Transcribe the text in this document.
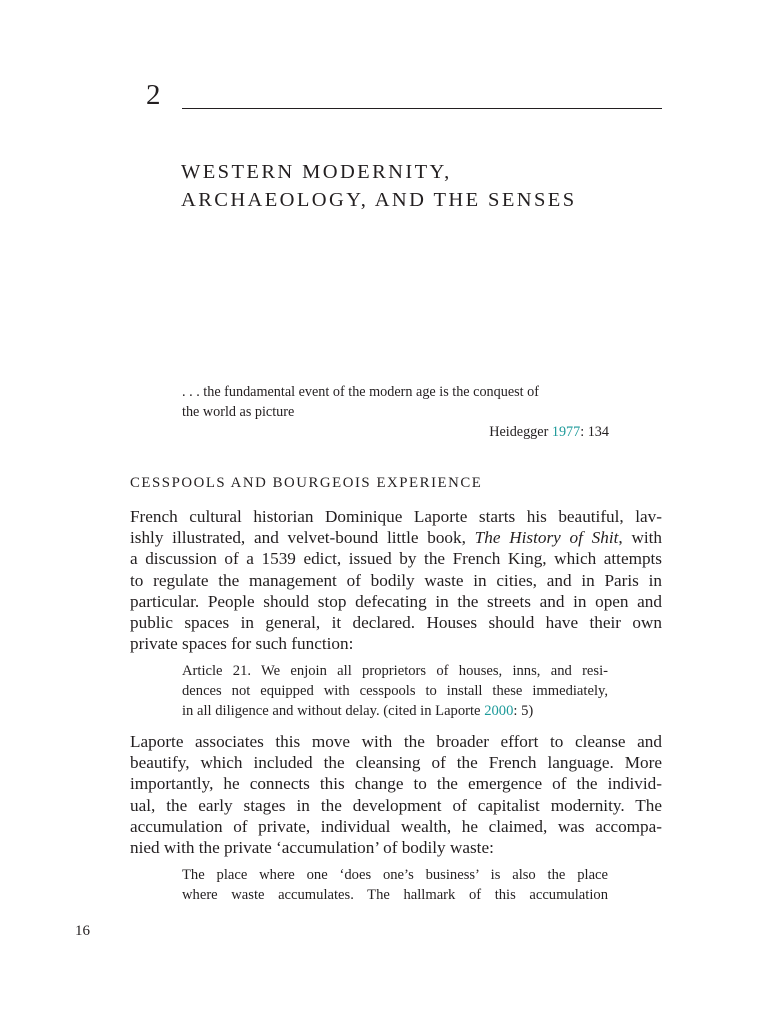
2
WESTERN MODERNITY,
ARCHAEOLOGY, AND THE SENSES
. . . the fundamental event of the modern age is the conquest of
the world as picture
Heidegger 1977: 134
CESSPOOLS AND BOURGEOIS EXPERIENCE
French cultural historian Dominique Laporte starts his beautiful, lav-
ishly illustrated, and velvet-bound little book, The History of Shit, with
a discussion of a 1539 edict, issued by the French King, which attempts
to regulate the management of bodily waste in cities, and in Paris in
particular. People should stop defecating in the streets and in open and
public spaces in general, it declared. Houses should have their own
private spaces for such function:
Article 21. We enjoin all proprietors of houses, inns, and resi-
dences not equipped with cesspools to install these immediately,
in all diligence and without delay. (cited in Laporte 2000: 5)
Laporte associates this move with the broader effort to cleanse and
beautify, which included the cleansing of the French language. More
importantly, he connects this change to the emergence of the individ-
ual, the early stages in the development of capitalist modernity. The
accumulation of private, individual wealth, he claimed, was accompa-
nied with the private ‘accumulation’ of bodily waste:
The place where one ‘does one’s business’ is also the place
where waste accumulates. The hallmark of this accumulation
16
